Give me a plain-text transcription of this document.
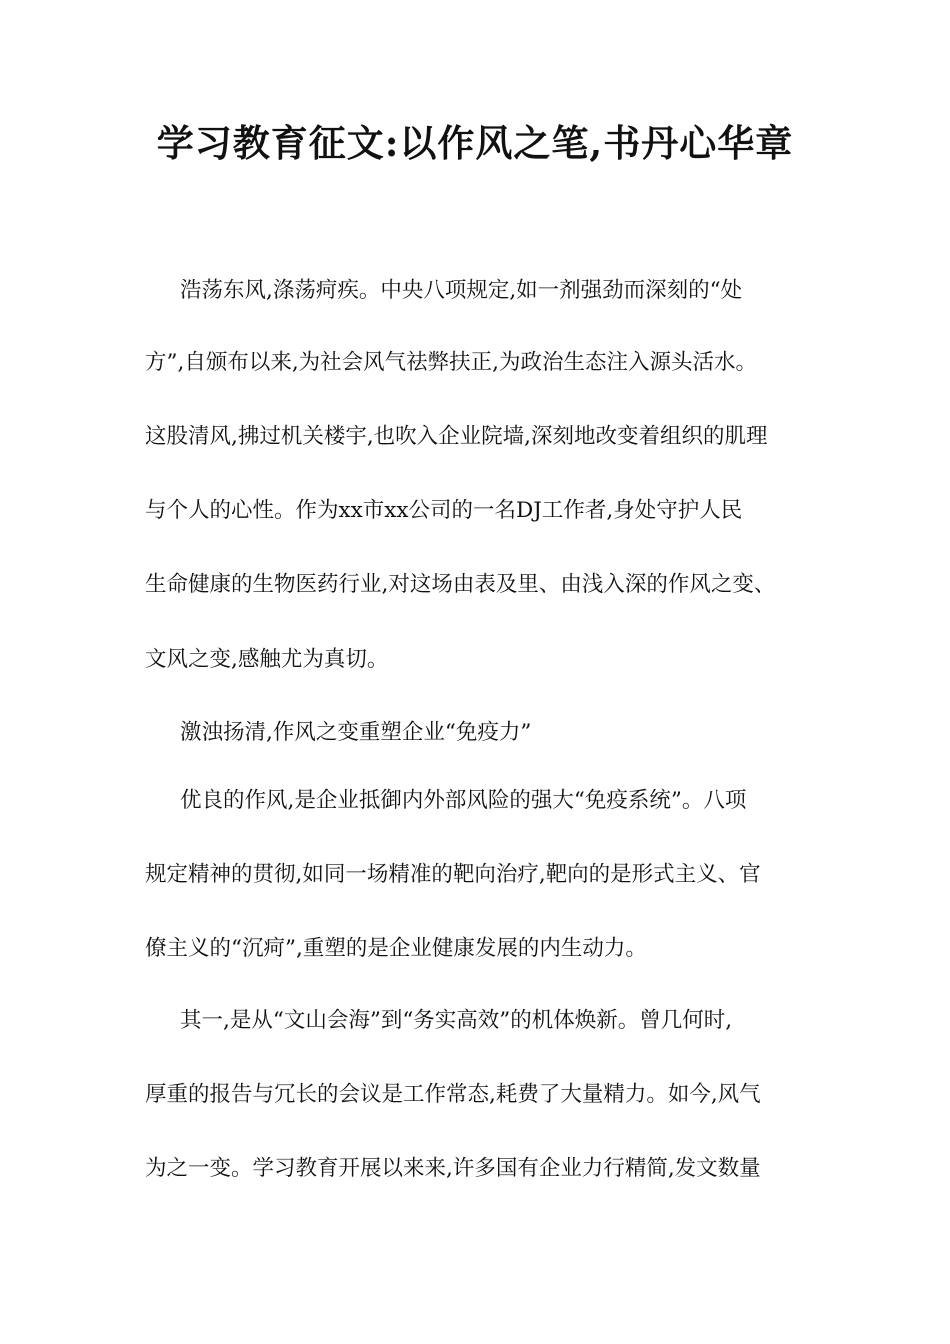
学习教育征文:以作风之笔,书丹心华章
浩荡东风,涤荡疴疾。中央八项规定,如一剂强劲而深刻的“处
方”,自颁布以来,为社会风气祛弊扶正,为政治生态注入源头活水。
这股清风,拂过机关楼宇,也吹入企业院墙,深刻地改变着组织的肌理
与个人的心性。作为xx市xx公司的一名DJ工作者,身处守护人民
生命健康的生物医药行业,对这场由表及里、由浅入深的作风之变、
文风之变,感触尤为真切。
激浊扬清,作风之变重塑企业“免疫力”
优良的作风,是企业抵御内外部风险的强大“免疫系统”。八项
规定精神的贯彻,如同一场精准的靶向治疗,靶向的是形式主义、官
僚主义的“沉疴”,重塑的是企业健康发展的内生动力。
其一,是从“文山会海”到“务实高效”的机体焕新。曾几何时,
厚重的报告与冗长的会议是工作常态,耗费了大量精力。如今,风气
为之一变。学习教育开展以来来,许多国有企业力行精简,发文数量
